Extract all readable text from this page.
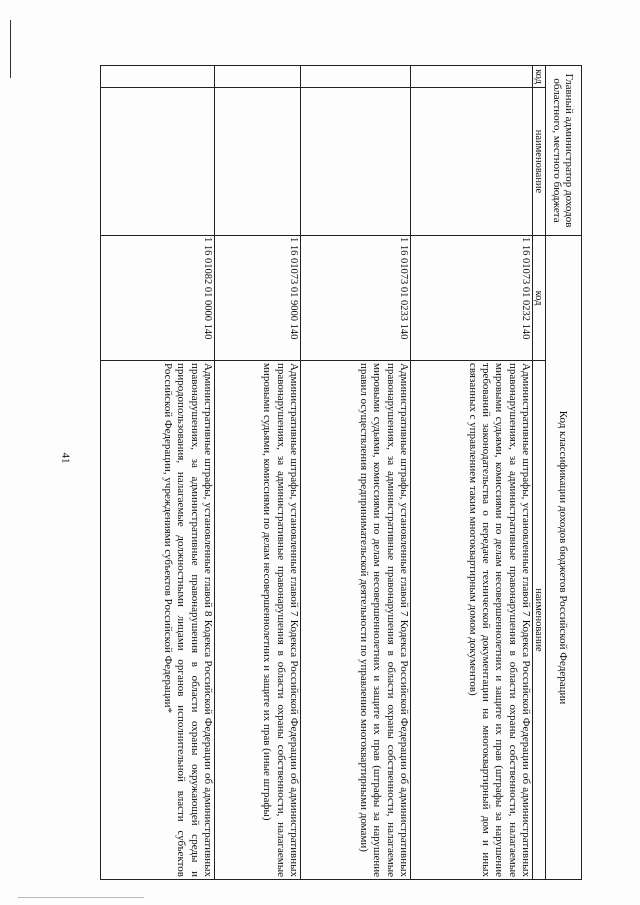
41
Главный администратор доходов областного, местного бюджета		Код классификации доходов бюджетов Российской Федерации	
код	наименование	код	наименование
		1 16 01073 01 0232 140	Административные штрафы, установленные главой 7 Кодекса Российской Федерации об административных правонарушениях, за административные правонарушения в области охраны собственности, налагаемые мировыми судьями, комиссиями по делам несовершеннолетних и защите их прав (штрафы за нарушение требований законодательства о передаче технической документации на многоквартирный дом и иных связанных с управлением таким многоквартирным домом документов)
		1 16 01073 01 0233 140	Административные штрафы, установленные главой 7 Кодекса Российской Федерации об административных правонарушениях, за административные правонарушения в области охраны собственности, налагаемые мировыми судьями, комиссиями по делам несовершеннолетних и защите их прав (штрафы за нарушение правил осуществления предпринимательской деятельности по управлению многоквартирными домами)
		1 16 01073 01 9000 140	Административные штрафы, установленные главой 7 Кодекса Российской Федерации об административных правонарушениях, за административные правонарушения в области охраны собственности, налагаемые мировыми судьями, комиссиями по делам несовершеннолетних и защите их прав (иные штрафы)
		1 16 01082 01 0000 140	Административные штрафы, установленные главой 8 Кодекса Российской Федерации об административных правонарушениях, за административные правонарушения в области охраны окружающей среды и природопользования, налагаемые должностными лицами органов исполнительной власти субъектов Российской Федерации, учреждениями субъектов Российской Федерации*
